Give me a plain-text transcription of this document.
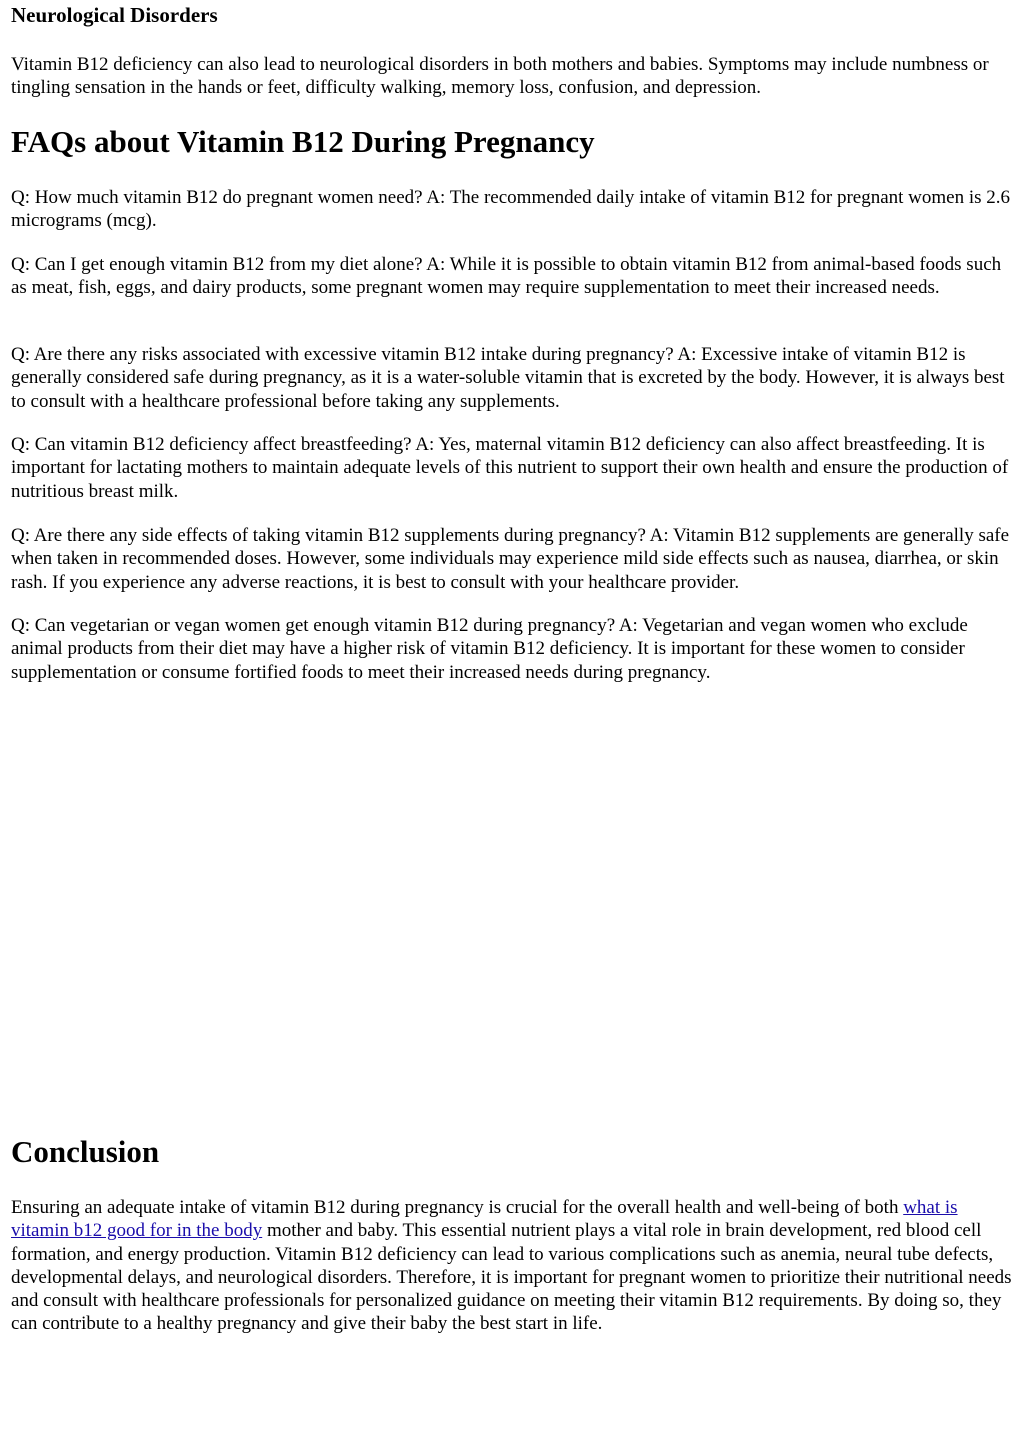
Neurological Disorders

Vitamin B12 deficiency can also lead to neurological disorders in both mothers and babies. Symptoms may include numbness or tingling sensation in the hands or feet, difficulty walking, memory loss, confusion, and depression.

FAQs about Vitamin B12 During Pregnancy

Q: How much vitamin B12 do pregnant women need? A: The recommended daily intake of vitamin B12 for pregnant women is 2.6 micrograms (mcg).

Q: Can I get enough vitamin B12 from my diet alone? A: While it is possible to obtain vitamin B12 from animal-based foods such as meat, fish, eggs, and dairy products, some pregnant women may require supplementation to meet their increased needs.

Q: Are there any risks associated with excessive vitamin B12 intake during pregnancy? A: Excessive intake of vitamin B12 is generally considered safe during pregnancy, as it is a water-soluble vitamin that is excreted by the body. However, it is always best to consult with a healthcare professional before taking any supplements.

Q: Can vitamin B12 deficiency affect breastfeeding? A: Yes, maternal vitamin B12 deficiency can also affect breastfeeding. It is important for lactating mothers to maintain adequate levels of this nutrient to support their own health and ensure the production of nutritious breast milk.

Q: Are there any side effects of taking vitamin B12 supplements during pregnancy? A: Vitamin B12 supplements are generally safe when taken in recommended doses. However, some individuals may experience mild side effects such as nausea, diarrhea, or skin rash. If you experience any adverse reactions, it is best to consult with your healthcare provider.

Q: Can vegetarian or vegan women get enough vitamin B12 during pregnancy? A: Vegetarian and vegan women who exclude animal products from their diet may have a higher risk of vitamin B12 deficiency. It is important for these women to consider supplementation or consume fortified foods to meet their increased needs during pregnancy.

Conclusion

Ensuring an adequate intake of vitamin B12 during pregnancy is crucial for the overall health and well-being of both what is vitamin b12 good for in the body mother and baby. This essential nutrient plays a vital role in brain development, red blood cell formation, and energy production. Vitamin B12 deficiency can lead to various complications such as anemia, neural tube defects, developmental delays, and neurological disorders. Therefore, it is important for pregnant women to prioritize their nutritional needs and consult with healthcare professionals for personalized guidance on meeting their vitamin B12 requirements. By doing so, they can contribute to a healthy pregnancy and give their baby the best start in life.
